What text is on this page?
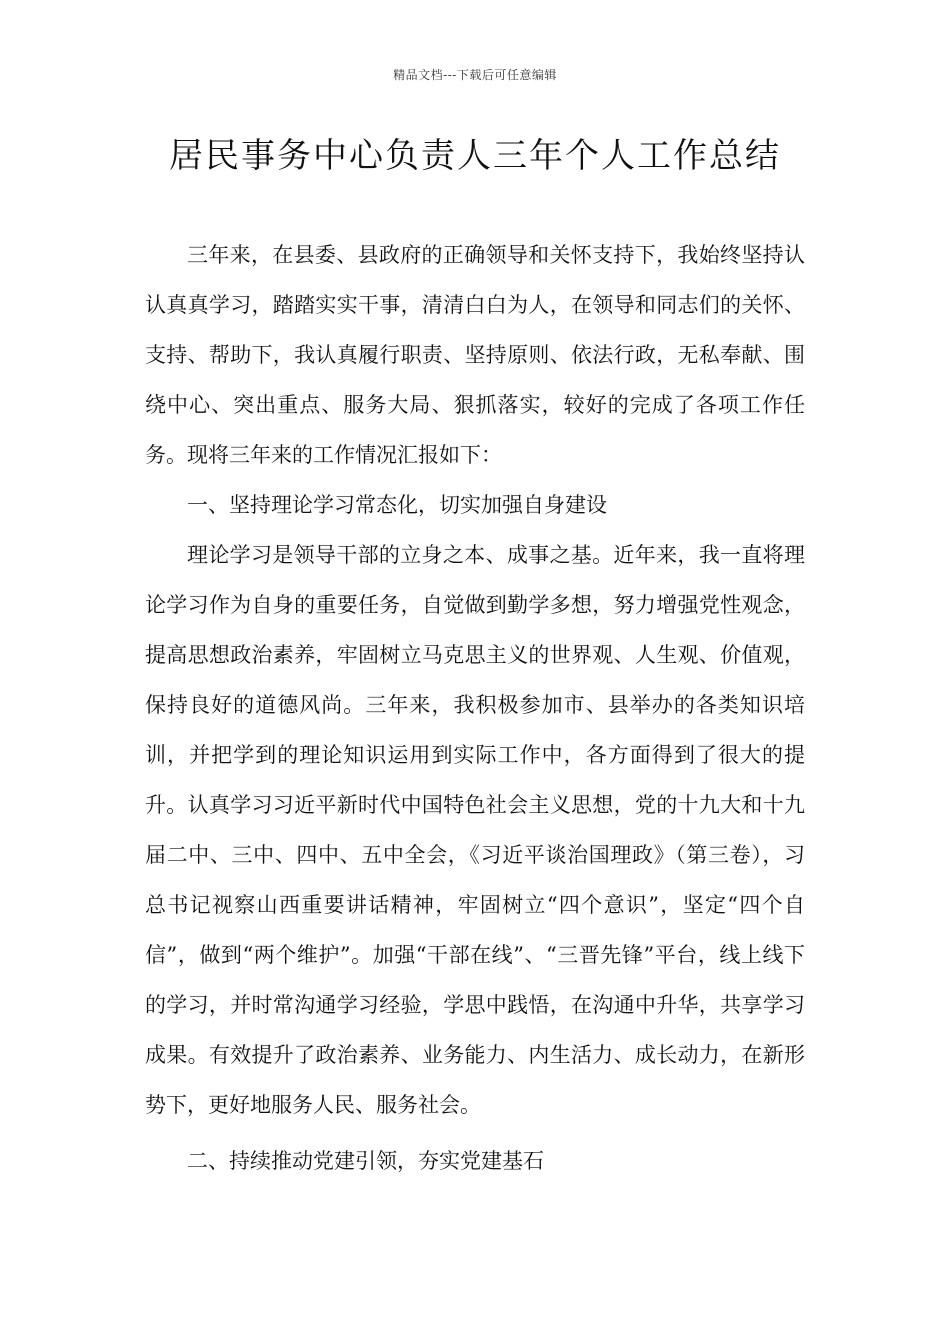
精品文档---下载后可任意编辑
居民事务中心负责人三年个人工作总结

三年来，在县委、县政府的正确领导和关怀支持下，我始终坚持认认真真学习，踏踏实实干事，清清白白为人，在领导和同志们的关怀、支持、帮助下，我认真履行职责、坚持原则、依法行政，无私奉献、围绕中心、突出重点、服务大局、狠抓落实，较好的完成了各项工作任务。现将三年来的工作情况汇报如下：

一、坚持理论学习常态化，切实加强自身建设

理论学习是领导干部的立身之本、成事之基。近年来，我一直将理论学习作为自身的重要任务，自觉做到勤学多想，努力增强党性观念，提高思想政治素养，牢固树立马克思主义的世界观、人生观、价值观，保持良好的道德风尚。三年来，我积极参加市、县举办的各类知识培训，并把学到的理论知识运用到实际工作中，各方面得到了很大的提升。认真学习习近平新时代中国特色社会主义思想，党的十九大和十九届二中、三中、四中、五中全会，《习近平谈治国理政》（第三卷），习总书记视察山西重要讲话精神，牢固树立“四个意识”，坚定“四个自信”，做到“两个维护”。加强“干部在线”、“三晋先锋”平台，线上线下的学习，并时常沟通学习经验，学思中践悟，在沟通中升华，共享学习成果。有效提升了政治素养、业务能力、内生活力、成长动力，在新形势下，更好地服务人民、服务社会。

二、持续推动党建引领，夯实党建基石
